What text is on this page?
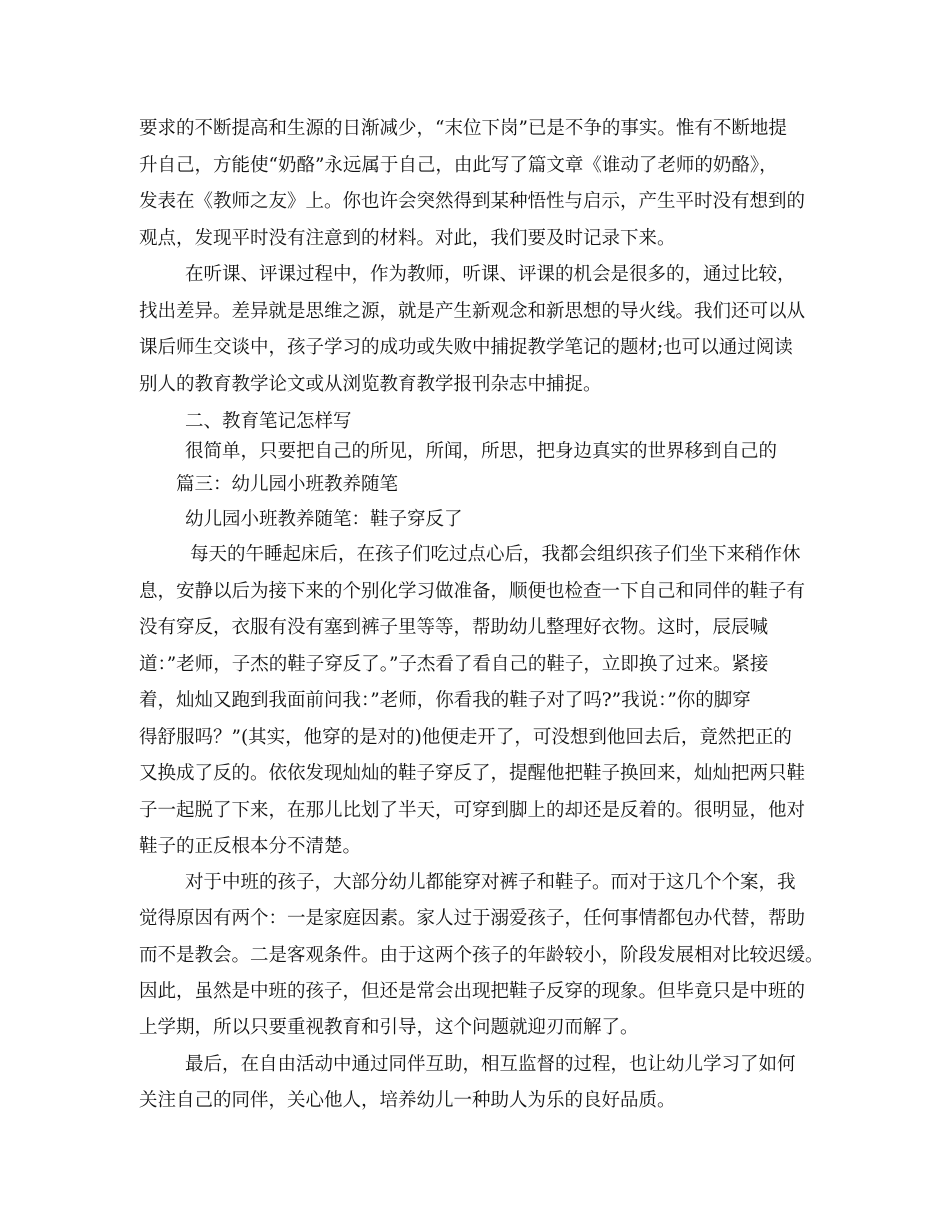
要求的不断提高和生源的日渐减少，“末位下岗”已是不争的事实。惟有不断地提
升自己，方能使“奶酪”永远属于自己，由此写了篇文章《谁动了老师的奶酪》，
发表在《教师之友》上。你也许会突然得到某种悟性与启示，产生平时没有想到的
观点，发现平时没有注意到的材料。对此，我们要及时记录下来。
在听课、评课过程中，作为教师，听课、评课的机会是很多的，通过比较，
找出差异。差异就是思维之源，就是产生新观念和新思想的导火线。我们还可以从
课后师生交谈中，孩子学习的成功或失败中捕捉教学笔记的题材;也可以通过阅读
别人的教育教学论文或从浏览教育教学报刊杂志中捕捉。
二、教育笔记怎样写
很简单，只要把自己的所见，所闻，所思，把身边真实的世界移到自己的
篇三：幼儿园小班教养随笔
幼儿园小班教养随笔：鞋子穿反了
每天的午睡起床后，在孩子们吃过点心后，我都会组织孩子们坐下来稍作休
息，安静以后为接下来的个别化学习做准备，顺便也检查一下自己和同伴的鞋子有
没有穿反，衣服有没有塞到裤子里等等，帮助幼儿整理好衣物。这时，辰辰喊
道：”老师，子杰的鞋子穿反了。”子杰看了看自己的鞋子，立即换了过来。紧接
着，灿灿又跑到我面前问我：”老师，你看我的鞋子对了吗?”我说：”你的脚穿
得舒服吗？”(其实，他穿的是对的)他便走开了，可没想到他回去后，竟然把正的
又换成了反的。依依发现灿灿的鞋子穿反了，提醒他把鞋子换回来，灿灿把两只鞋
子一起脱了下来，在那儿比划了半天，可穿到脚上的却还是反着的。很明显，他对
鞋子的正反根本分不清楚。
对于中班的孩子，大部分幼儿都能穿对裤子和鞋子。而对于这几个个案，我
觉得原因有两个：一是家庭因素。家人过于溺爱孩子，任何事情都包办代替，帮助
而不是教会。二是客观条件。由于这两个孩子的年龄较小，阶段发展相对比较迟缓。
因此，虽然是中班的孩子，但还是常会出现把鞋子反穿的现象。但毕竟只是中班的
上学期，所以只要重视教育和引导，这个问题就迎刃而解了。
最后，在自由活动中通过同伴互助，相互监督的过程，也让幼儿学习了如何
关注自己的同伴，关心他人，培养幼儿一种助人为乐的良好品质。
